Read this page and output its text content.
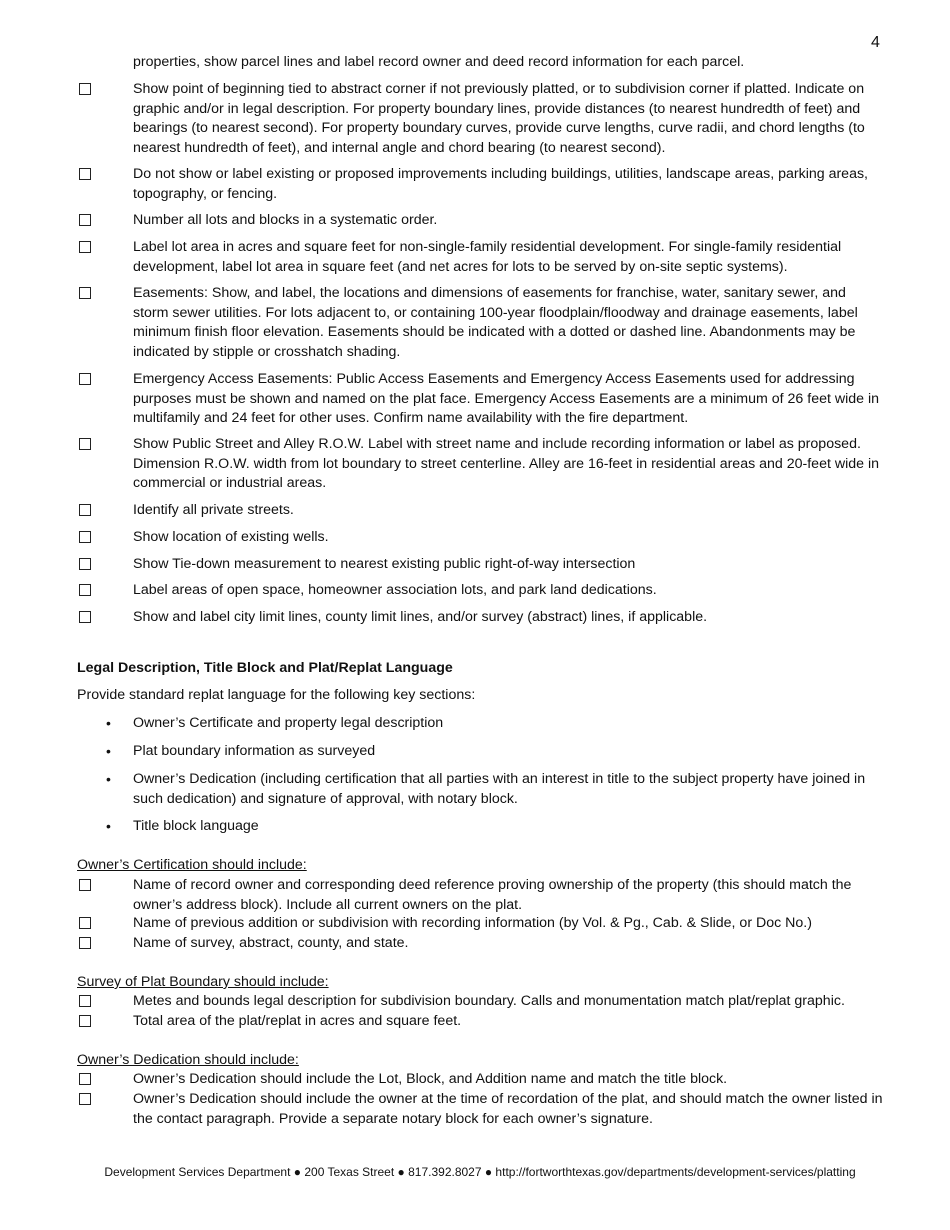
4
properties, show parcel lines and label record owner and deed record information for each parcel.
Show point of beginning tied to abstract corner if not previously platted, or to subdivision corner if platted. Indicate on graphic and/or in legal description. For property boundary lines, provide distances (to nearest hundredth of feet) and bearings (to nearest second). For property boundary curves, provide curve lengths, curve radii, and chord lengths (to nearest hundredth of feet), and internal angle and chord bearing (to nearest second).
Do not show or label existing or proposed improvements including buildings, utilities, landscape areas, parking areas, topography, or fencing.
Number all lots and blocks in a systematic order.
Label lot area in acres and square feet for non-single-family residential development. For single-family residential development, label lot area in square feet (and net acres for lots to be served by on-site septic systems).
Easements: Show, and label, the locations and dimensions of easements for franchise, water, sanitary sewer, and storm sewer utilities. For lots adjacent to, or containing 100-year floodplain/floodway and drainage easements, label minimum finish floor elevation. Easements should be indicated with a dotted or dashed line. Abandonments may be indicated by stipple or crosshatch shading.
Emergency Access Easements: Public Access Easements and Emergency Access Easements used for addressing purposes must be shown and named on the plat face. Emergency Access Easements are a minimum of 26 feet wide in multifamily and 24 feet for other uses. Confirm name availability with the fire department.
Show Public Street and Alley R.O.W. Label with street name and include recording information or label as proposed. Dimension R.O.W. width from lot boundary to street centerline. Alley are 16-feet in residential areas and 20-feet wide in commercial or industrial areas.
Identify all private streets.
Show location of existing wells.
Show Tie-down measurement to nearest existing public right-of-way intersection
Label areas of open space, homeowner association lots, and park land dedications.
Show and label city limit lines, county limit lines, and/or survey (abstract) lines, if applicable.
Legal Description, Title Block and Plat/Replat Language
Provide standard replat language for the following key sections:
• Owner’s Certificate and property legal description
• Plat boundary information as surveyed
• Owner’s Dedication (including certification that all parties with an interest in title to the subject property have joined in such dedication) and signature of approval, with notary block.
• Title block language
Owner’s Certification should include:
Name of record owner and corresponding deed reference proving ownership of the property (this should match the owner’s address block). Include all current owners on the plat.
Name of previous addition or subdivision with recording information (by Vol. & Pg., Cab. & Slide, or Doc No.)
Name of survey, abstract, county, and state.
Survey of Plat Boundary should include:
Metes and bounds legal description for subdivision boundary. Calls and monumentation match plat/replat graphic.
Total area of the plat/replat in acres and square feet.
Owner’s Dedication should include:
Owner’s Dedication should include the Lot, Block, and Addition name and match the title block.
Owner’s Dedication should include the owner at the time of recordation of the plat, and should match the owner listed in the contact paragraph. Provide a separate notary block for each owner’s signature.
Development Services Department ● 200 Texas Street ● 817.392.8027 ● http://fortworthtexas.gov/departments/development-services/platting
